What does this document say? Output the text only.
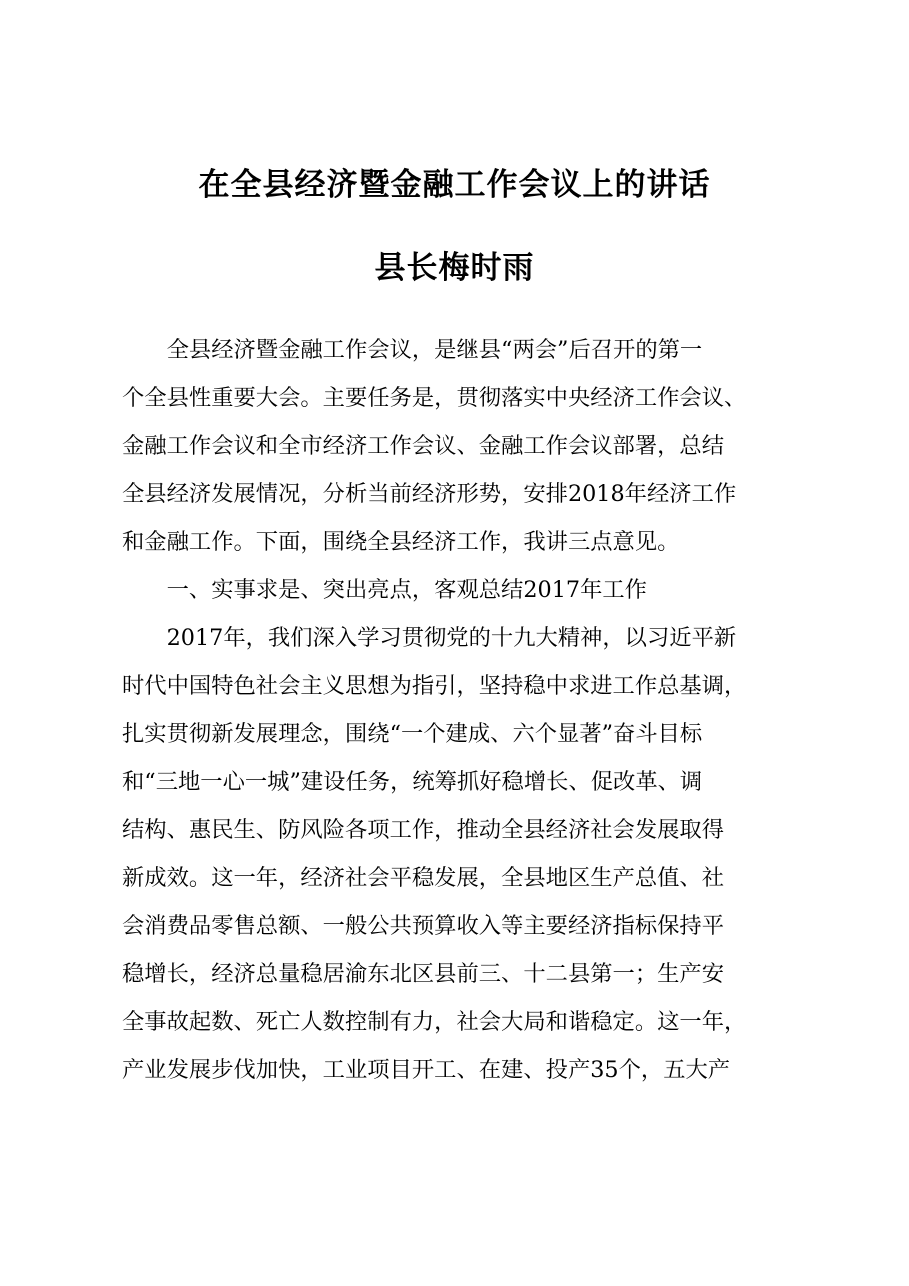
在全县经济暨金融工作会议上的讲话
县长梅时雨
　　全县经济暨金融工作会议，是继县“两会”后召开的第一
个全县性重要大会。主要任务是，贯彻落实中央经济工作会议、
金融工作会议和全市经济工作会议、金融工作会议部署，总结
全县经济发展情况，分析当前经济形势，安排2018年经济工作
和金融工作。下面，围绕全县经济工作，我讲三点意见。
　　一、实事求是、突出亮点，客观总结2017年工作
　　2017年，我们深入学习贯彻党的十九大精神，以习近平新
时代中国特色社会主义思想为指引，坚持稳中求进工作总基调，
扎实贯彻新发展理念，围绕“一个建成、六个显著”奋斗目标
和“三地一心一城”建设任务，统筹抓好稳增长、促改革、调
结构、惠民生、防风险各项工作，推动全县经济社会发展取得
新成效。这一年，经济社会平稳发展，全县地区生产总值、社
会消费品零售总额、一般公共预算收入等主要经济指标保持平
稳增长，经济总量稳居渝东北区县前三、十二县第一；生产安
全事故起数、死亡人数控制有力，社会大局和谐稳定。这一年，
产业发展步伐加快，工业项目开工、在建、投产35个，五大产
